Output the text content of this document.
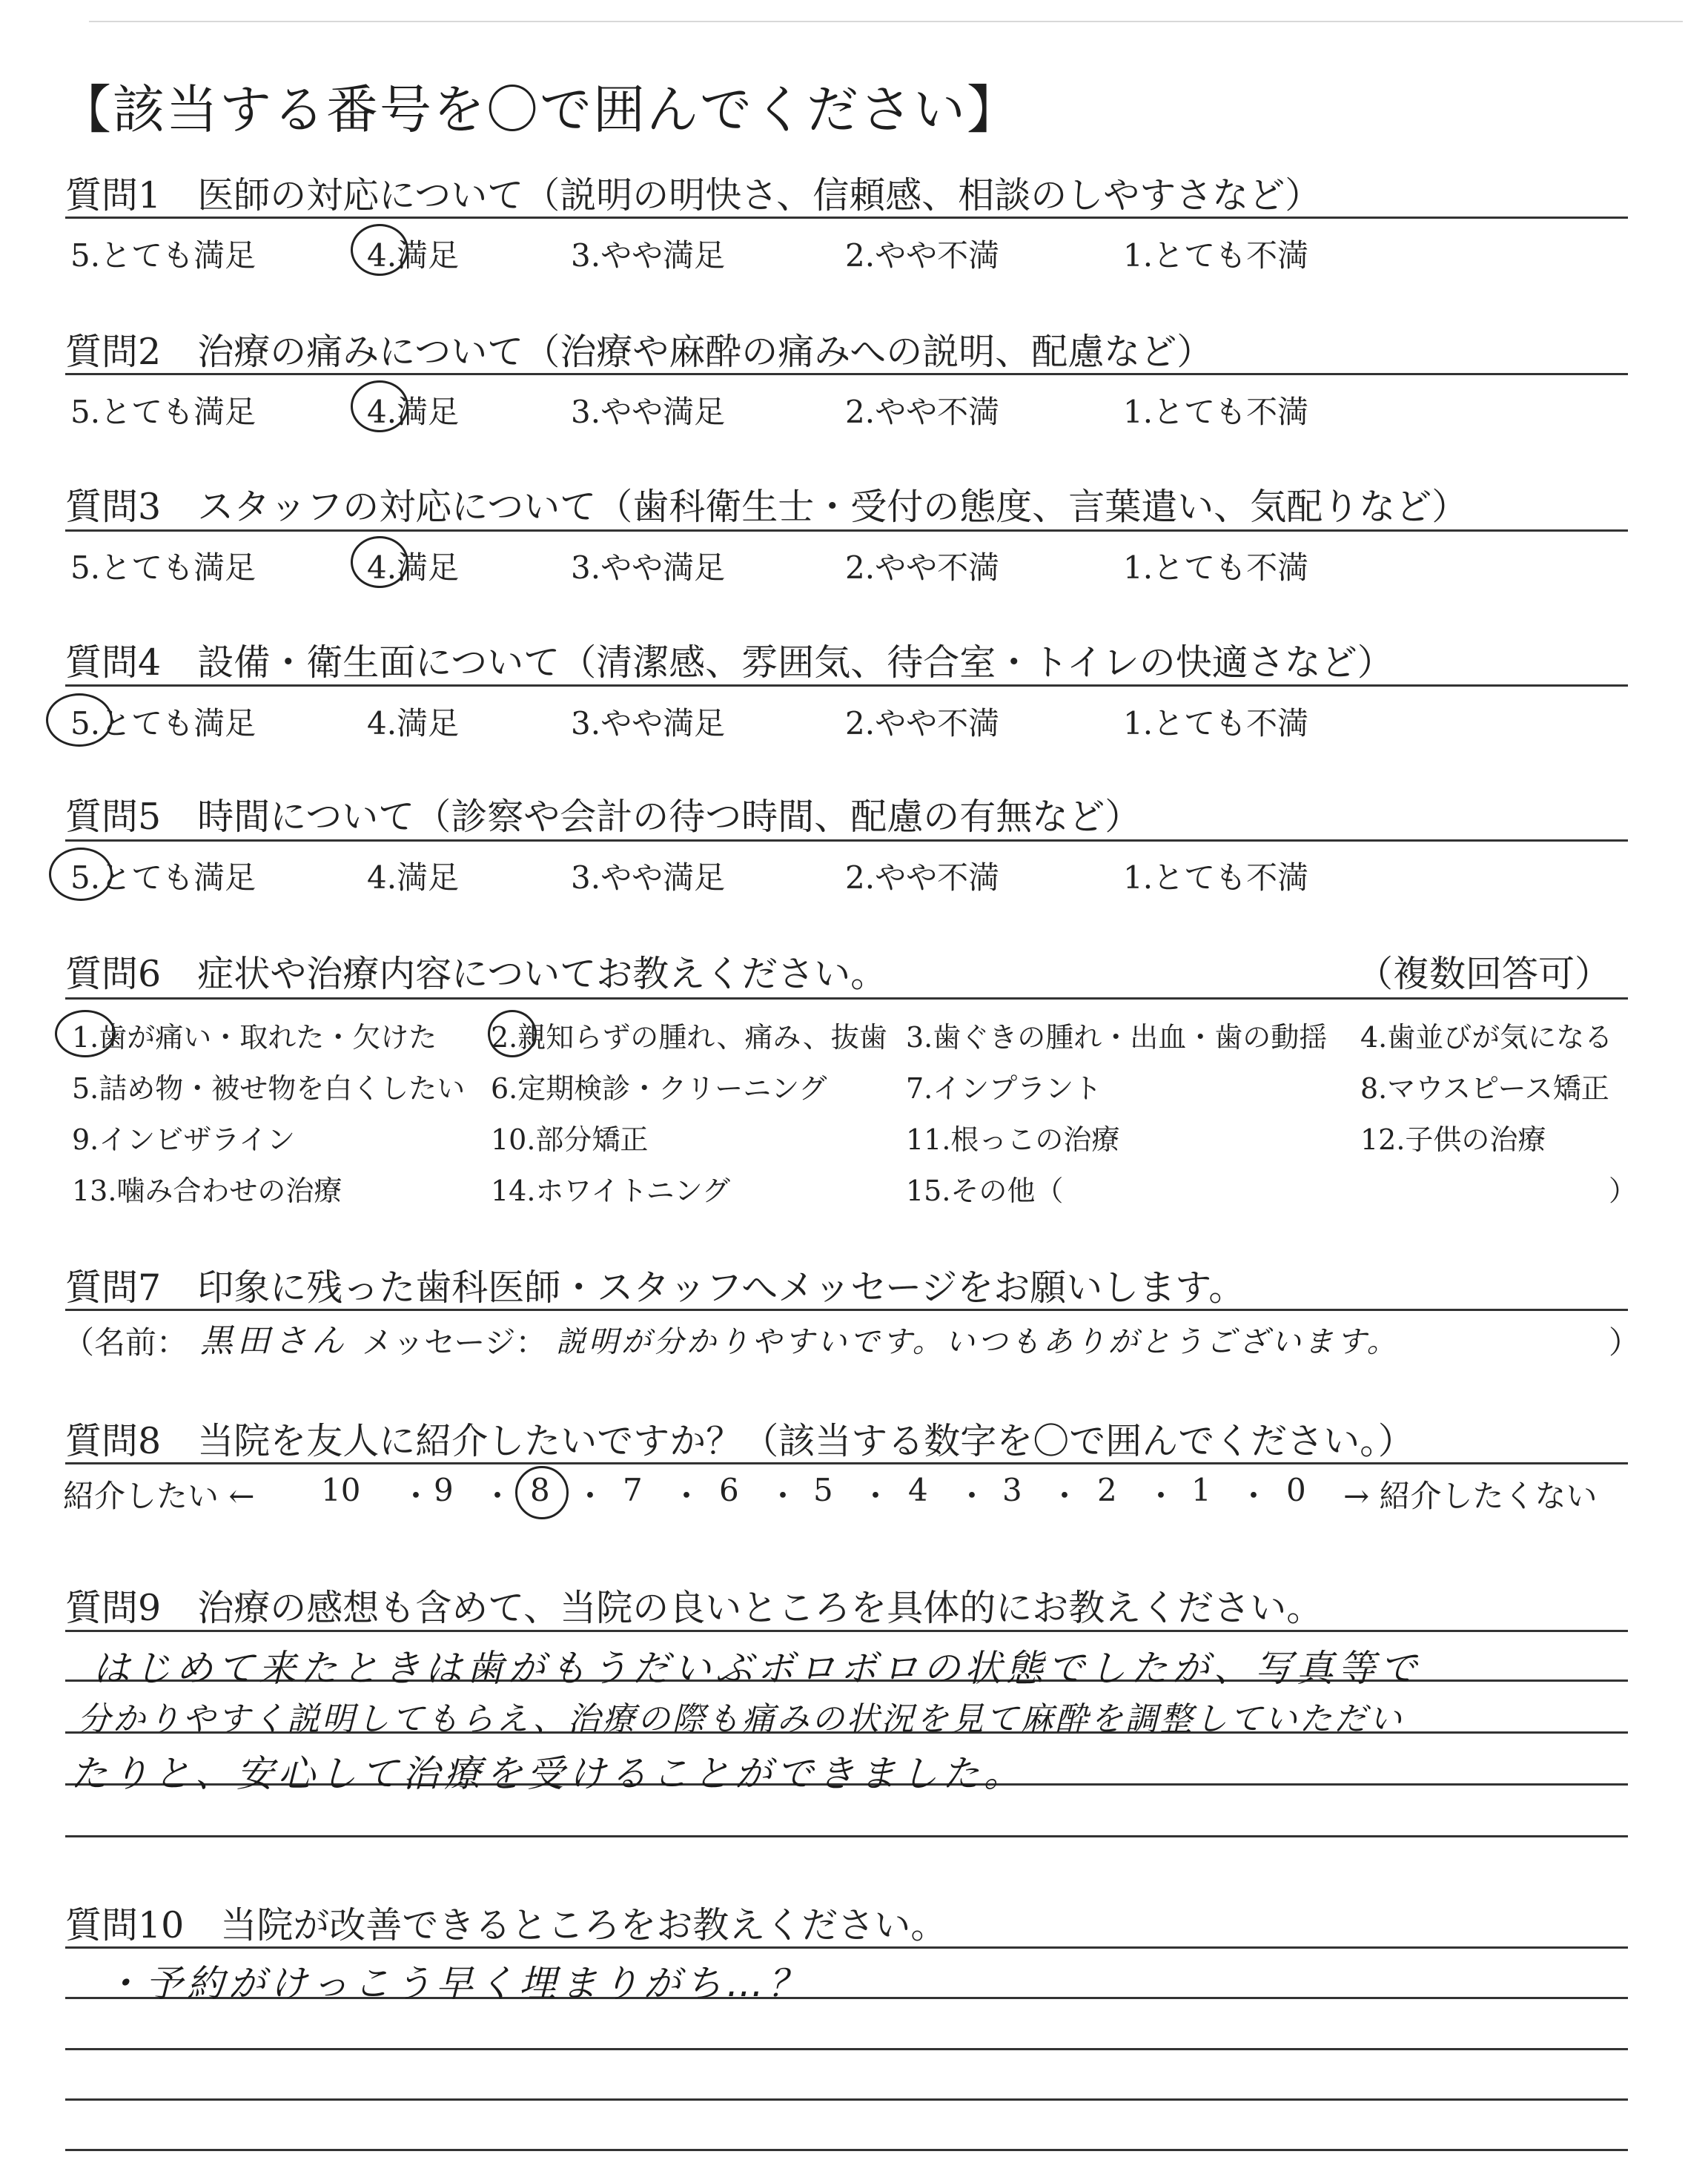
【該当する番号を〇で囲んでください】
質問1　 医師の対応について（説明の明快さ、信頼感、相談のしやすさなど）
5.とても満足	4.満足	3.やや満足	2.やや不満	1.とても不満
質問2　 治療の痛みについて（治療や麻酔の痛みへの説明、配慮など）
5.とても満足	4.満足	3.やや満足	2.やや不満	1.とても不満
質問3　 スタッフの対応について（歯科衛生士・受付の態度、言葉遣い、気配りなど）
5.とても満足	4.満足	3.やや満足	2.やや不満	1.とても不満
質問4　 設備・衛生面について（清潔感、雰囲気、待合室・トイレの快適さなど）
5.とても満足	4.満足	3.やや満足	2.やや不満	1.とても不満
質問5　 時間について（診察や会計の待つ時間、配慮の有無など）
5.とても満足	4.満足	3.やや満足	2.やや不満	1.とても不満
質問6　 症状や治療内容についてお教えください。	（複数回答可）
1.歯が痛い・取れた・欠けた 2.親知らずの腫れ、痛み、抜歯 3.歯ぐきの腫れ・出血・歯の動揺 4.歯並びが気になる
5.詰め物・被せ物を白くしたい 6.定期検診・クリーニング	7.インプラント	8.マウスピース矯正
9.インビザライン	10.部分矯正	11.根っこの治療	12.子供の治療
13.噛み合わせの治療	14.ホワイトニング	15.その他（	）
質問7　 印象に残った歯科医師・スタッフへメッセージをお願いします。
（名前： 黒田さん メッセージ： 説明が分かりやすいです。いつもありがとうございます。	）
質問8　 当院を友人に紹介したいですか？（該当する数字を〇で囲んでください。）
紹介したい ← 10 ・ 9 ・ 8 ・ 7 ・ 6 ・ 5 ・ 4 ・ 3 ・ 2 ・ 1 ・ 0 → 紹介したくない
質問9　 治療の感想も含めて、当院の良いところを具体的にお教えください。
はじめて来たときは歯がもうだいぶボロボロの状態でしたが、写真等で
分かりやすく説明してもらえ、治療の際も痛みの状況を見て麻酔を調整していただい
たりと、安心して治療を受けることができました。
質問10　 当院が改善できるところをお教えください。
・予約がけっこう早く埋まりがち…？
